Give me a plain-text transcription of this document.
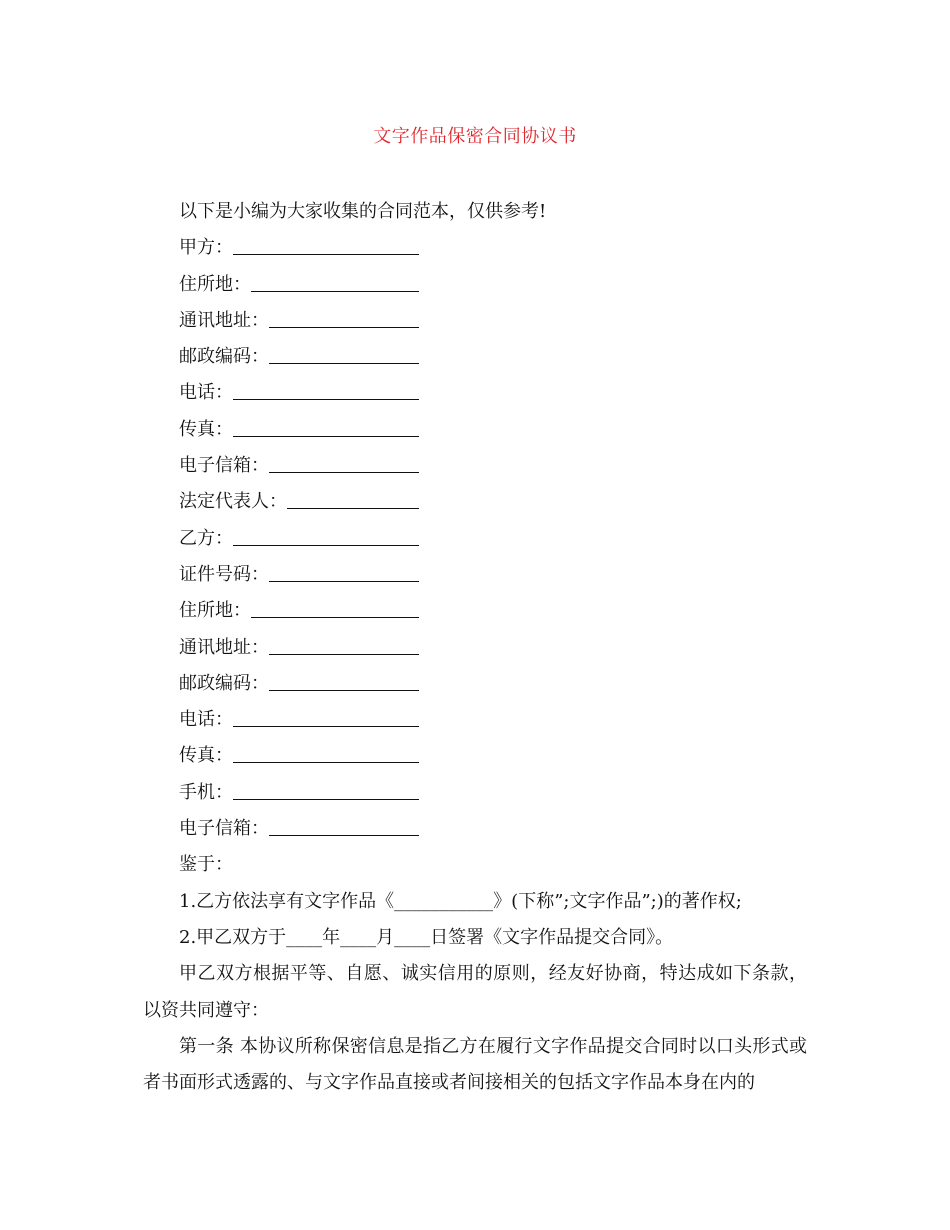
文字作品保密合同协议书
以下是小编为大家收集的合同范本，仅供参考!
甲方：
住所地：
通讯地址：
邮政编码：
电话：
传真：
电子信箱：
法定代表人：
乙方：
证件号码：
住所地：
通讯地址：
邮政编码：
电话：
传真：
手机：
电子信箱：
鉴于：
1.乙方依法享有文字作品《___________》(下称”;文字作品”;)的著作权;
2.甲乙双方于____年____月____日签署《文字作品提交合同》。
甲乙双方根据平等、自愿、诚实信用的原则，经友好协商，特达成如下条款，以资共同遵守：
第一条 本协议所称保密信息是指乙方在履行文字作品提交合同时以口头形式或者书面形式透露的、与文字作品直接或者间接相关的包括文字作品本身在内的
